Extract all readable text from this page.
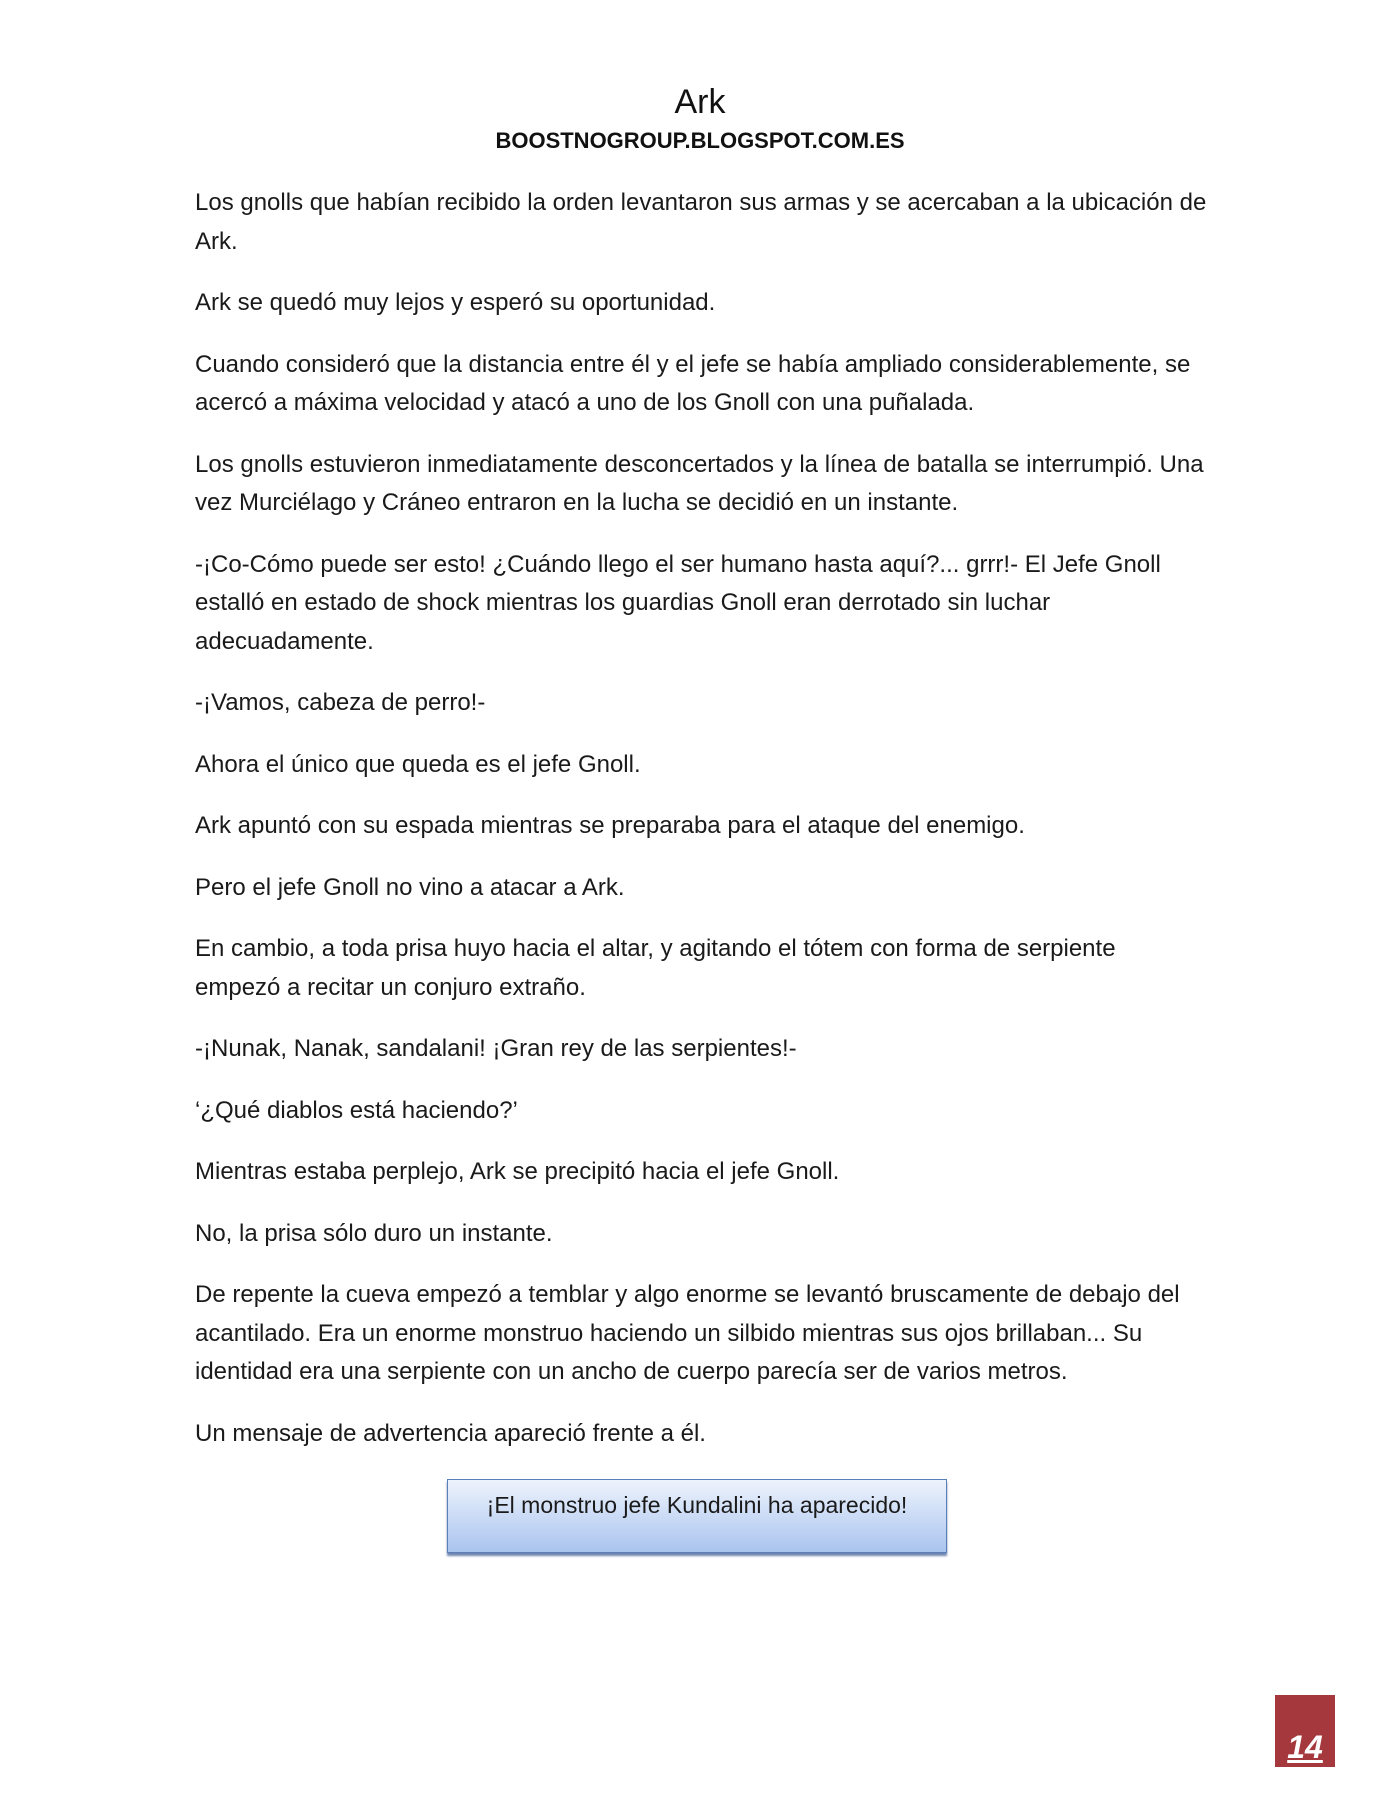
Ark
BOOSTNOGROUP.BLOGSPOT.COM.ES

Los gnolls que habían recibido la orden levantaron sus armas y se acercaban a la ubicación de Ark.

Ark se quedó muy lejos y esperó su oportunidad.

Cuando consideró que la distancia entre él y el jefe se había ampliado considerablemente, se acercó a máxima velocidad y atacó a uno de los Gnoll con una puñalada.

Los gnolls estuvieron inmediatamente desconcertados y la línea de batalla se interrumpió. Una vez Murciélago y Cráneo entraron en la lucha se decidió en un instante.

-¡Co-Cómo puede ser esto! ¿Cuándo llego el ser humano hasta aquí?... grrr!- El Jefe Gnoll estalló en estado de shock mientras los guardias Gnoll eran derrotado sin luchar adecuadamente.

-¡Vamos, cabeza de perro!-

Ahora el único que queda es el jefe Gnoll.

Ark apuntó con su espada mientras se preparaba para el ataque del enemigo.

Pero el jefe Gnoll no vino a atacar a Ark.

En cambio, a toda prisa huyo hacia el altar, y agitando el tótem con forma de serpiente empezó a recitar un conjuro extraño.

-¡Nunak, Nanak, sandalani! ¡Gran rey de las serpientes!-

‘¿Qué diablos está haciendo?’

Mientras estaba perplejo, Ark se precipitó hacia el jefe Gnoll.

No, la prisa sólo duro un instante.

De repente la cueva empezó a temblar y algo enorme se levantó bruscamente de debajo del acantilado. Era un enorme monstruo haciendo un silbido mientras sus ojos brillaban... Su identidad era una serpiente con un ancho de cuerpo parecía ser de varios metros.

Un mensaje de advertencia apareció frente a él.

¡El monstruo jefe Kundalini ha aparecido!
14
